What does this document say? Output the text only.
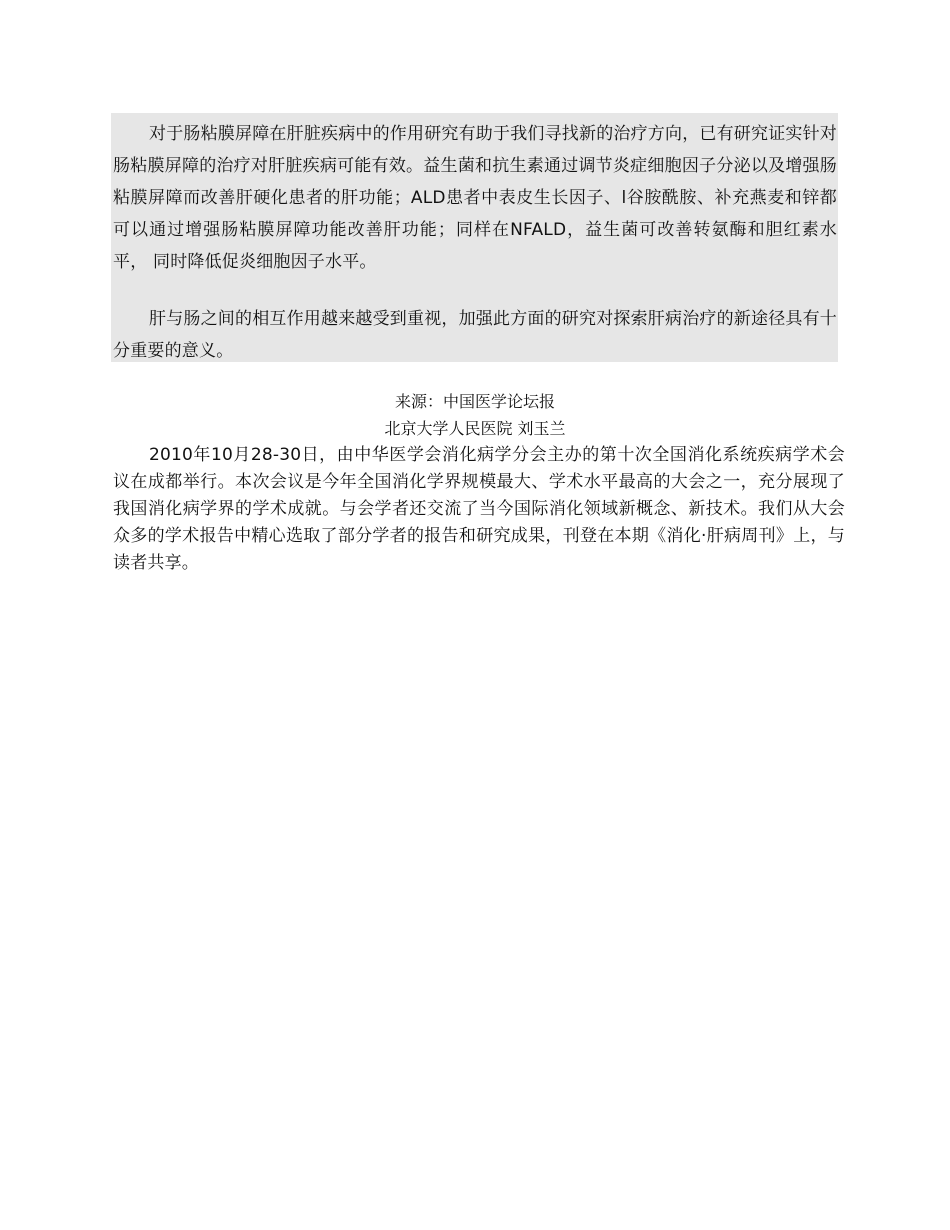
对于肠粘膜屏障在肝脏疾病中的作用研究有助于我们寻找新的治疗方向，已有研究证实针对 肠粘膜屏障的治疗对肝脏疾病可能有效。益生菌和抗生素通过调节炎症细胞因子分泌以及增强肠 粘膜屏障而改善肝硬化患者的肝功能；ALD患者中表皮生长因子、l谷胺酰胺、补充燕麦和锌都 可以通过增强肠粘膜屏障功能改善肝功能；同样在NFALD，益生菌可改善转氨酶和胆红素水平， 同时降低促炎细胞因子水平。

肝与肠之间的相互作用越来越受到重视，加强此方面的研究对探索肝病治疗的新途径具有十 分重要的意义。

来源：中国医学论坛报

北京大学人民医院 刘玉兰

2010年10月28-30日，由中华医学会消化病学分会主办的第十次全国消化系统疾病学术会议在成都举行。本次会议是今年全国消化学界规模最大、学术水平最高的大会之一，充分展现了我国消化病学界的学术成就。与会学者还交流了当今国际消化领域新概念、新技术。我们从大会众多的学术报告中精心选取了部分学者的报告和研究成果，刊登在本期《消化·肝病周刊》上，与读者共享。
